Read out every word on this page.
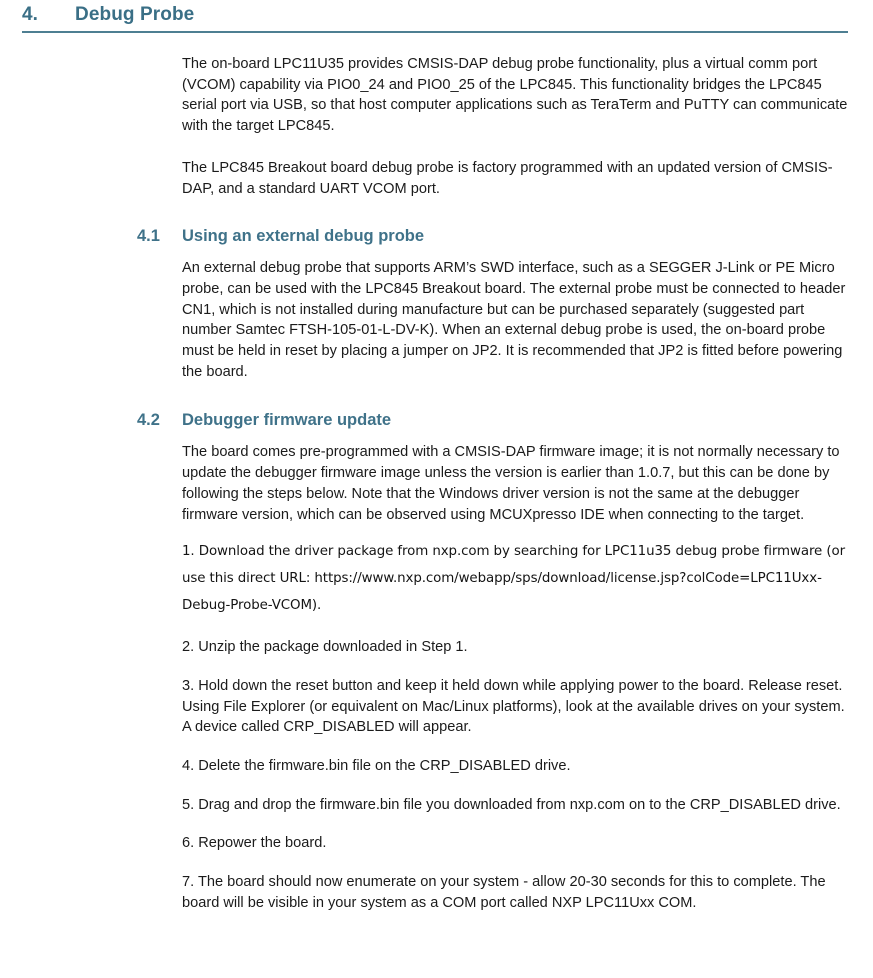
4.	Debug Probe

The on-board LPC11U35 provides CMSIS-DAP debug probe functionality, plus a virtual comm port (VCOM) capability via PIO0_24 and PIO0_25 of the LPC845. This functionality bridges the LPC845 serial port via USB, so that host computer applications such as TeraTerm and PuTTY can communicate with the target LPC845.

The LPC845 Breakout board debug probe is factory programmed with an updated version of CMSIS-DAP, and a standard UART VCOM port.

4.1	Using an external debug probe

An external debug probe that supports ARM’s SWD interface, such as a SEGGER J-Link or PE Micro probe, can be used with the LPC845 Breakout board. The external probe must be connected to header CN1, which is not installed during manufacture but can be purchased separately (suggested part number Samtec FTSH-105-01-L-DV-K). When an external debug probe is used, the on-board probe must be held in reset by placing a jumper on JP2. It is recommended that JP2 is fitted before powering the board.

4.2	Debugger firmware update

The board comes pre-programmed with a CMSIS-DAP firmware image; it is not normally necessary to update the debugger firmware image unless the version is earlier than 1.0.7, but this can be done by following the steps below. Note that the Windows driver version is not the same at the debugger firmware version, which can be observed using MCUXpresso IDE when connecting to the target.

1. Download the driver package from nxp.com by searching for LPC11u35 debug probe firmware (or use this direct URL: https://www.nxp.com/webapp/sps/download/license.jsp?colCode=LPC11Uxx-Debug-Probe-VCOM).

2. Unzip the package downloaded in Step 1.

3. Hold down the reset button and keep it held down while applying power to the board. Release reset. Using File Explorer (or equivalent on Mac/Linux platforms), look at the available drives on your system. A device called CRP_DISABLED will appear.

4. Delete the firmware.bin file on the CRP_DISABLED drive.

5. Drag and drop the firmware.bin file you downloaded from nxp.com on to the CRP_DISABLED drive.

6. Repower the board.

7. The board should now enumerate on your system - allow 20-30 seconds for this to complete. The board will be visible in your system as a COM port called NXP LPC11Uxx COM.
